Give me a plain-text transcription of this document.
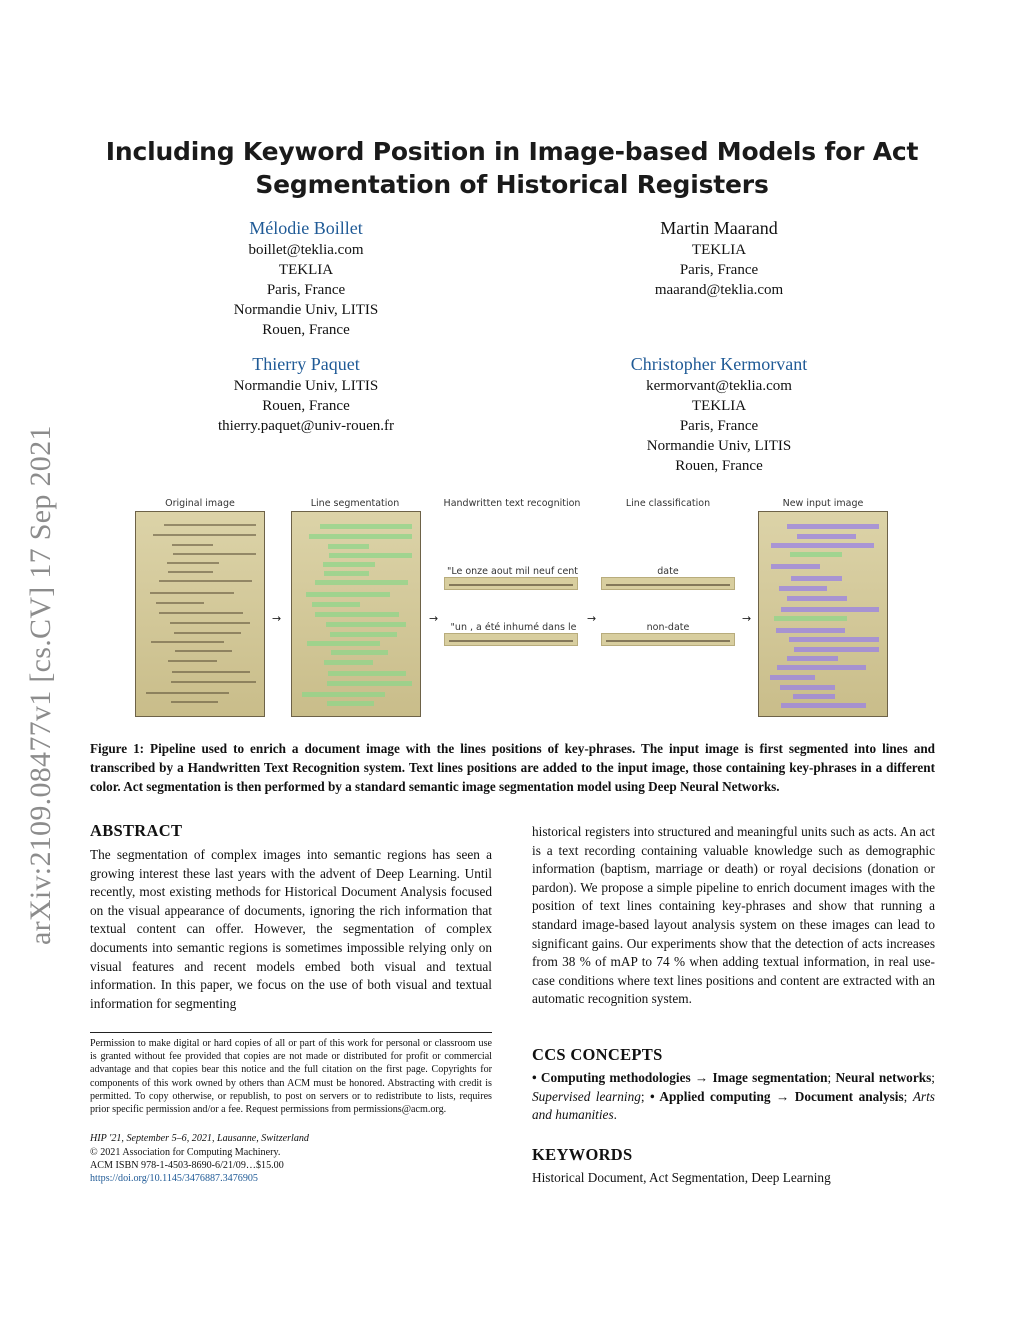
Including Keyword Position in Image-based Models for Act
Segmentation of Historical Registers
Mélodie Boillet
boillet@teklia.com
TEKLIA
Paris, France
Normandie Univ, LITIS
Rouen, France
Martin Maarand
TEKLIA
Paris, France
maarand@teklia.com
Thierry Paquet
Normandie Univ, LITIS
Rouen, France
thierry.paquet@univ-rouen.fr
Christopher Kermorvant
kermorvant@teklia.com
TEKLIA
Paris, France
Normandie Univ, LITIS
Rouen, France
arXiv:2109.08477v1 [cs.CV] 17 Sep 2021	Original image	Line segmentation	Handwritten text recognition	Line classification	New input image
→	→	→	→
"Le onze aout mil neuf cent
"un , a été inhumé dans le
date
non-date
Figure 1: Pipeline used to enrich a document image with the lines positions of key-phrases. The input image is first segmented into lines and transcribed by a Handwritten Text Recognition system. Text lines positions are added to the input image, those containing key-phrases in a different color. Act segmentation is then performed by a standard semantic image segmentation model using Deep Neural Networks.
ABSTRACT
The segmentation of complex images into semantic regions has seen a growing interest these last years with the advent of Deep Learning. Until recently, most existing methods for Historical Document Analysis focused on the visual appearance of documents, ignoring the rich information that textual content can offer. However, the segmentation of complex documents into semantic regions is sometimes impossible relying only on visual features and recent models embed both visual and textual information. In this paper, we focus on the use of both visual and textual information for segmenting
historical registers into structured and meaningful units such as acts. An act is a text recording containing valuable knowledge such as demographic information (baptism, marriage or death) or royal decisions (donation or pardon). We propose a simple pipeline to enrich document images with the position of text lines containing key-phrases and show that running a standard image-based layout analysis system on these images can lead to significant gains. Our experiments show that the detection of acts increases from 38 % of mAP to 74 % when adding textual information, in real use-case conditions where text lines positions and content are extracted with an automatic recognition system.
Permission to make digital or hard copies of all or part of this work for personal or classroom use is granted without fee provided that copies are not made or distributed for profit or commercial advantage and that copies bear this notice and the full citation on the first page. Copyrights for components of this work owned by others than ACM must be honored. Abstracting with credit is permitted. To copy otherwise, or republish, to post on servers or to redistribute to lists, requires prior specific permission and/or a fee. Request permissions from permissions@acm.org.
HIP '21, September 5–6, 2021, Lausanne, Switzerland
© 2021 Association for Computing Machinery.
ACM ISBN 978-1-4503-8690-6/21/09…$15.00
https://doi.org/10.1145/3476887.3476905
CCS CONCEPTS
• Computing methodologies → Image segmentation; Neural networks; Supervised learning; • Applied computing → Document analysis; Arts and humanities.
KEYWORDS
Historical Document, Act Segmentation, Deep Learning
